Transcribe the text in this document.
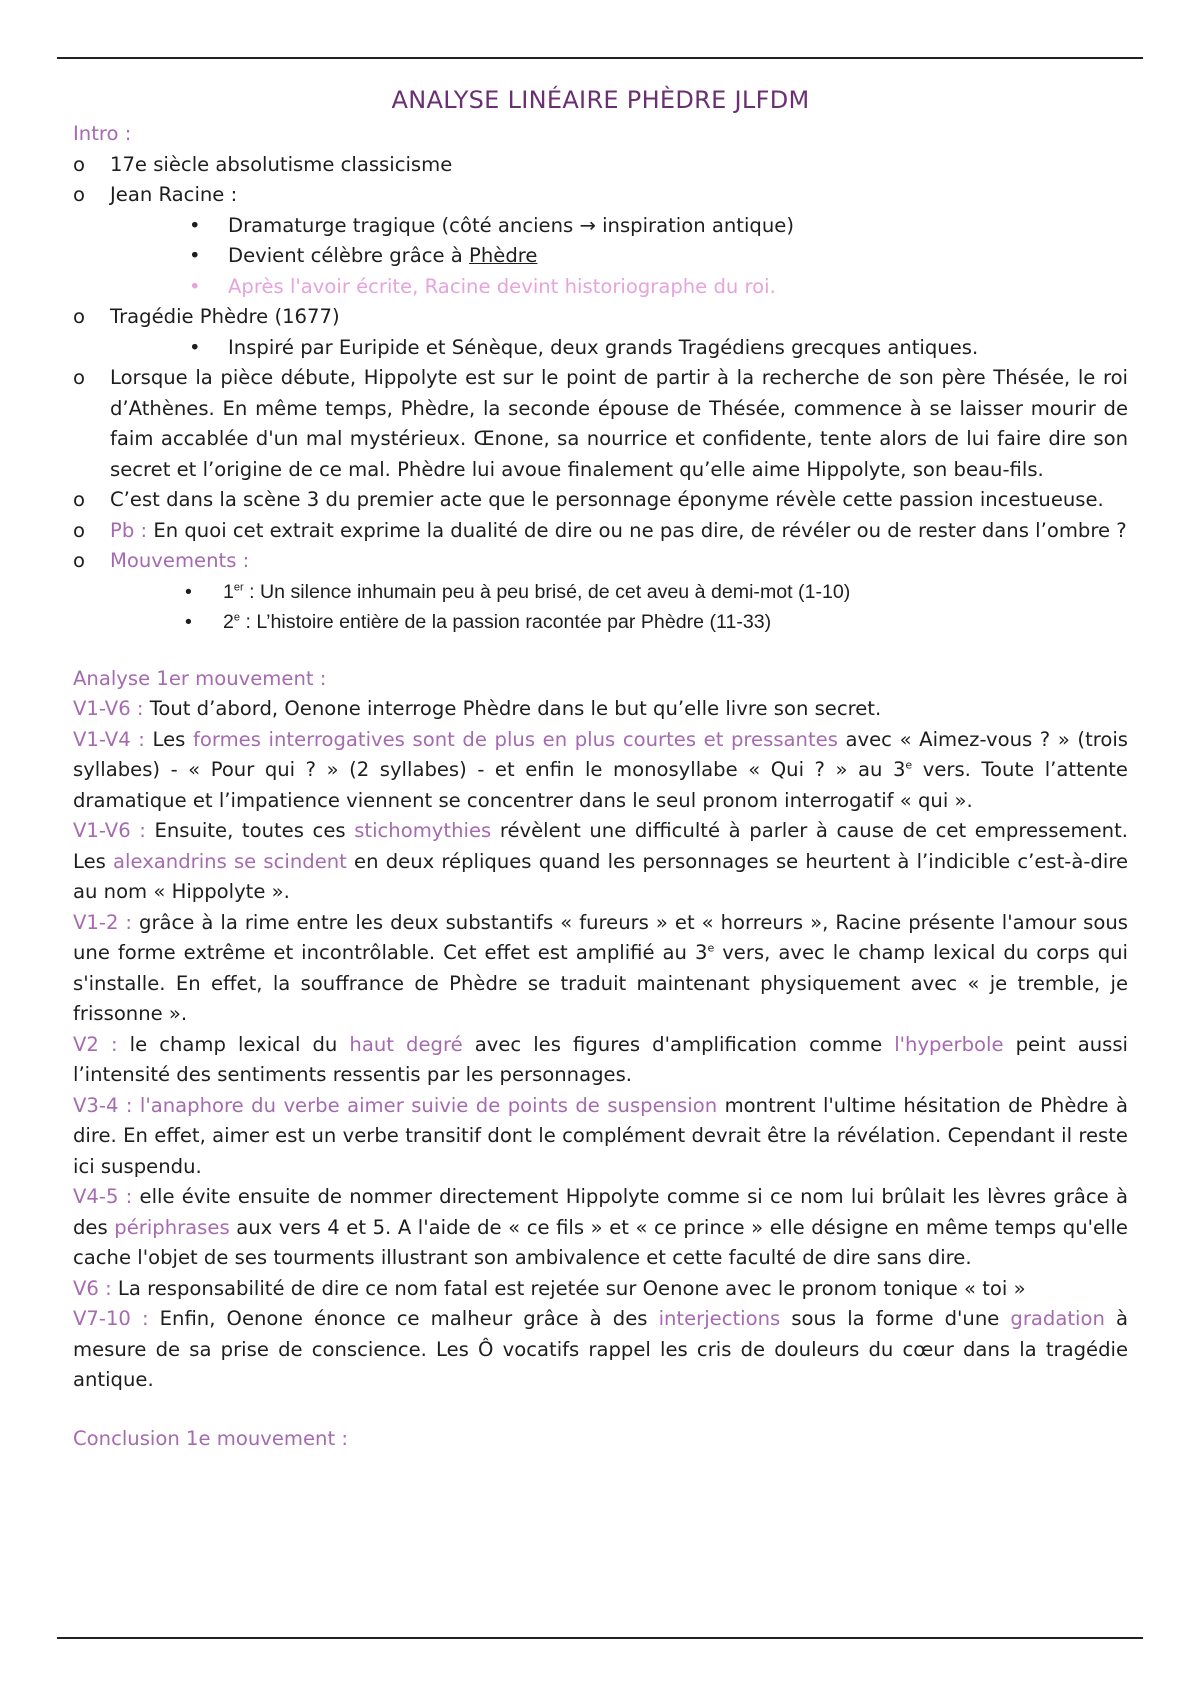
ANALYSE LINÉAIRE PHÈDRE JLFDM

Intro :

o 17e siècle absolutisme classicisme

o Jean Racine :

• Dramaturge tragique (côté anciens → inspiration antique)

• Devient célèbre grâce à Phèdre

• Après l'avoir écrite, Racine devint historiographe du roi.

o Tragédie Phèdre (1677)

• Inspiré par Euripide et Sénèque, deux grands Tragédiens grecques antiques.

o Lorsque la pièce débute, Hippolyte est sur le point de partir à la recherche de son père Thésée, le roi d’Athènes. En même temps, Phèdre, la seconde épouse de Thésée, commence à se laisser mourir de faim accablée d'un mal mystérieux. Œnone, sa nourrice et confidente, tente alors de lui faire dire son secret et l’origine de ce mal. Phèdre lui avoue finalement qu’elle aime Hippolyte, son beau-fils.

o C’est dans la scène 3 du premier acte que le personnage éponyme révèle cette passion incestueuse.

o Pb : En quoi cet extrait exprime la dualité de dire ou ne pas dire, de révéler ou de rester dans l’ombre ?

o Mouvements :

• 1er : Un silence inhumain peu à peu brisé, de cet aveu à demi-mot (1-10)

• 2e : L’histoire entière de la passion racontée par Phèdre (11-33)

Analyse 1er mouvement :

V1-V6 : Tout d’abord, Oenone interroge Phèdre dans le but qu’elle livre son secret.

V1-V4 : Les formes interrogatives sont de plus en plus courtes et pressantes avec « Aimez-vous ? » (trois syllabes) - « Pour qui ? » (2 syllabes) - et enfin le monosyllabe « Qui ? » au 3e vers. Toute l’attente dramatique et l’impatience viennent se concentrer dans le seul pronom interrogatif « qui ».

V1-V6 : Ensuite, toutes ces stichomythies révèlent une difficulté à parler à cause de cet empressement. Les alexandrins se scindent en deux répliques quand les personnages se heurtent à l’indicible c’est-à-dire au nom « Hippolyte ».

V1-2 : grâce à la rime entre les deux substantifs « fureurs » et « horreurs », Racine présente l'amour sous une forme extrême et incontrôlable. Cet effet est amplifié au 3e vers, avec le champ lexical du corps qui s'installe. En effet, la souffrance de Phèdre se traduit maintenant physiquement avec « je tremble, je frissonne ».

V2 : le champ lexical du haut degré avec les figures d'amplification comme l'hyperbole peint aussi l’intensité des sentiments ressentis par les personnages.

V3-4 : l'anaphore du verbe aimer suivie de points de suspension montrent l'ultime hésitation de Phèdre à dire. En effet, aimer est un verbe transitif dont le complément devrait être la révélation. Cependant il reste ici suspendu.

V4-5 : elle évite ensuite de nommer directement Hippolyte comme si ce nom lui brûlait les lèvres grâce à des périphrases aux vers 4 et 5. A l'aide de « ce fils » et « ce prince » elle désigne en même temps qu'elle cache l'objet de ses tourments illustrant son ambivalence et cette faculté de dire sans dire.

V6 : La responsabilité de dire ce nom fatal est rejetée sur Oenone avec le pronom tonique « toi »

V7-10 : Enfin, Oenone énonce ce malheur grâce à des interjections sous la forme d'une gradation à mesure de sa prise de conscience. Les Ô vocatifs rappel les cris de douleurs du cœur dans la tragédie antique.

Conclusion 1e mouvement :
